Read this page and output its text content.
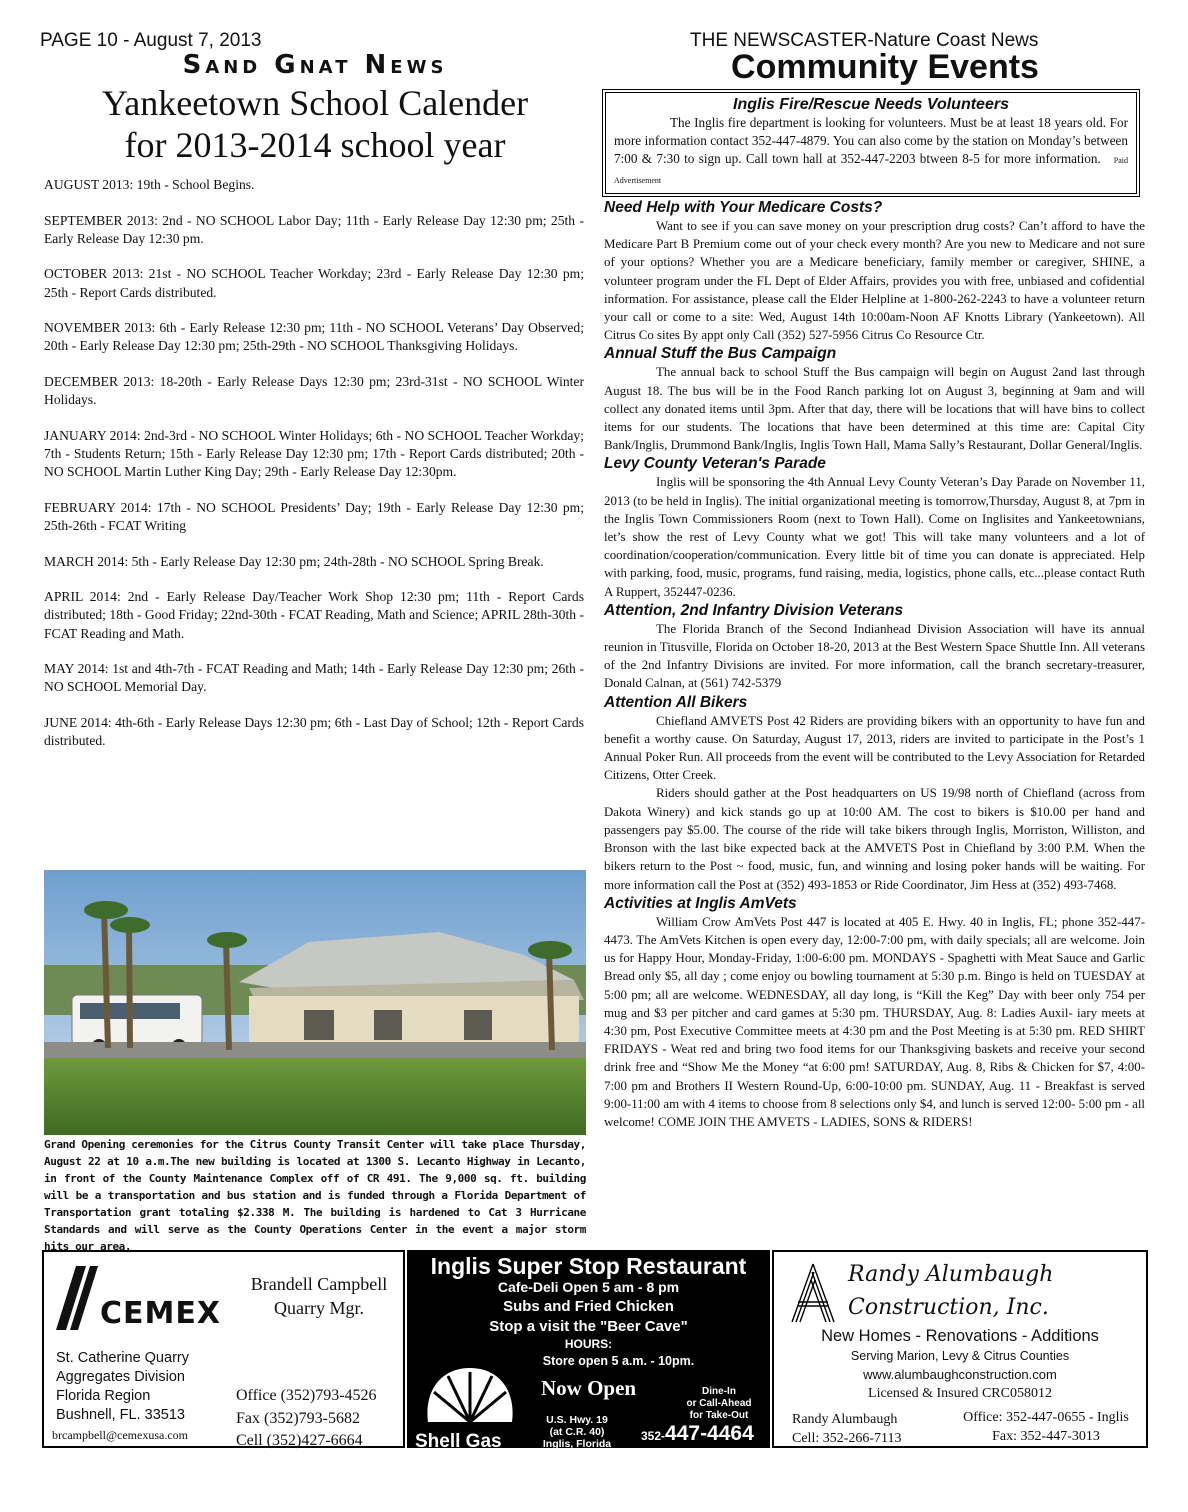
PAGE 10 - August 7, 2013	THE NEWSCASTER-Nature Coast News
Sand Gnat News	Community Events
Yankeetown School Calender
for 2013-2014 school year

AUGUST 2013: 19th - School Begins.

SEPTEMBER 2013: 2nd - NO SCHOOL Labor Day; 11th - Early Release Day 12:30 pm; 25th - Early Release Day 12:30 pm.

OCTOBER 2013: 21st - NO SCHOOL Teacher Workday; 23rd - Early Release Day 12:30 pm; 25th - Report Cards distributed.

NOVEMBER 2013: 6th - Early Release 12:30 pm; 11th - NO SCHOOL Veterans’ Day Observed; 20th - Early Release Day 12:30 pm; 25th-29th - NO SCHOOL Thanksgiving Holidays.

DECEMBER 2013: 18-20th - Early Release Days 12:30 pm; 23rd-31st - NO SCHOOL Winter Holidays.

JANUARY 2014: 2nd-3rd - NO SCHOOL Winter Holidays; 6th - NO SCHOOL Teacher Workday; 7th - Students Return; 15th - Early Release Day 12:30 pm; 17th - Report Cards distributed; 20th - NO SCHOOL Martin Luther King Day; 29th - Early Release Day 12:30pm.

FEBRUARY 2014: 17th - NO SCHOOL Presidents’ Day; 19th - Early Release Day 12:30 pm; 25th-26th - FCAT Writing

MARCH 2014: 5th - Early Release Day 12:30 pm; 24th-28th - NO SCHOOL Spring Break.

APRIL 2014: 2nd - Early Release Day/Teacher Work Shop 12:30 pm; 11th - Report Cards distributed; 18th - Good Friday; 22nd-30th - FCAT Reading, Math and Science; APRIL 28th-30th - FCAT Reading and Math.

MAY 2014: 1st and 4th-7th - FCAT Reading and Math; 14th - Early Release Day 12:30 pm; 26th - NO SCHOOL Memorial Day.

JUNE 2014: 4th-6th - Early Release Days 12:30 pm; 6th - Last Day of School; 12th - Report Cards distributed.

Grand Opening ceremonies for the Citrus County Transit Center will take place Thursday, August 22 at 10 a.m.The new building is located at 1300 S. Lecanto Highway in Lecanto, in front of the County Maintenance Complex off of CR 491. The 9,000 sq. ft. building will be a transportation and bus station and is funded through a Florida Department of Transportation grant totaling $2.338 M. The building is hardened to Cat 3 Hurricane Standards and will serve as the County Operations Center in the event a major storm hits our area.
Inglis Fire/Rescue Needs Volunteers

The Inglis fire department is looking for volunteers. Must be at least 18 years old. For more information contact 352-447-4879. You can also come by the station on Monday’s between 7:00 & 7:30 to sign up. Call town hall at 352-447-2203 btween 8-5 for more information. Paid Advertisement

Need Help with Your Medicare Costs?

Want to see if you can save money on your prescription drug costs? Can’t afford to have the Medicare Part B Premium come out of your check every month? Are you new to Medicare and not sure of your options? Whether you are a Medicare beneficiary, family member or caregiver, SHINE, a volunteer program under the FL Dept of Elder Affairs, provides you with free, unbiased and cofidential information. For assistance, please call the Elder Helpline at 1-800-262-2243 to have a volunteer return your call or come to a site: Wed, August 14th 10:00am-Noon AF Knotts Library (Yankeetown). All Citrus Co sites By appt only Call (352) 527-5956 Citrus Co Resource Ctr.

Annual Stuff the Bus Campaign

The annual back to school Stuff the Bus campaign will begin on August 2and last through August 18. The bus will be in the Food Ranch parking lot on August 3, beginning at 9am and will collect any donated items until 3pm. After that day, there will be locations that will have bins to collect items for our students. The locations that have been determined at this time are: Capital City Bank/Inglis, Drummond Bank/Inglis, Inglis Town Hall, Mama Sally’s Restaurant, Dollar General/Inglis.

Levy County Veteran's Parade

Inglis will be sponsoring the 4th Annual Levy County Veteran’s Day Parade on November 11, 2013 (to be held in Inglis). The initial organizational meeting is tomorrow,Thursday, August 8, at 7pm in the Inglis Town Commissioners Room (next to Town Hall). Come on Inglisites and Yankeetownians, let’s show the rest of Levy County what we got! This will take many volunteers and a lot of coordination/cooperation/communication. Every little bit of time you can donate is appreciated. Help with parking, food, music, programs, fund raising, media, logistics, phone calls, etc...please contact Ruth A Ruppert, 352447-0236.

Attention, 2nd Infantry Division Veterans

The Florida Branch of the Second Indianhead Division Association will have its annual reunion in Titusville, Florida on October 18-20, 2013 at the Best Western Space Shuttle Inn. All veterans of the 2nd Infantry Divisions are invited. For more information, call the branch secretary-treasurer, Donald Calnan, at (561) 742-5379

Attention All Bikers

Chiefland AMVETS Post 42 Riders are providing bikers with an opportunity to have fun and benefit a worthy cause. On Saturday, August 17, 2013, riders are invited to participate in the Post’s 1 Annual Poker Run. All proceeds from the event will be contributed to the Levy Association for Retarded Citizens, Otter Creek.

Riders should gather at the Post headquarters on US 19/98 north of Chiefland (across from Dakota Winery) and kick stands go up at 10:00 AM. The cost to bikers is $10.00 per hand and passengers pay $5.00. The course of the ride will take bikers through Inglis, Morriston, Williston, and Bronson with the last bike expected back at the AMVETS Post in Chiefland by 3:00 P.M. When the bikers return to the Post ~ food, music, fun, and winning and losing poker hands will be waiting. For more information call the Post at (352) 493-1853 or Ride Coordinator, Jim Hess at (352) 493-7468.

Activities at Inglis AmVets

William Crow AmVets Post 447 is located at 405 E. Hwy. 40 in Inglis, FL; phone 352-447-4473. The AmVets Kitchen is open every day, 12:00-7:00 pm, with daily specials; all are welcome. Join us for Happy Hour, Monday-Friday, 1:00-6:00 pm. MONDAYS - Spaghetti with Meat Sauce and Garlic Bread only $5, all day ; come enjoy ou bowling tournament at 5:30 p.m. Bingo is held on TUESDAY at 5:00 pm; all are welcome. WEDNESDAY, all day long, is “Kill the Keg” Day with beer only 754 per mug and $3 per pitcher and card games at 5:30 pm. THURSDAY, Aug. 8: Ladies Auxil- iary meets at 4:30 pm, Post Executive Committee meets at 4:30 pm and the Post Meeting is at 5:30 pm. RED SHIRT FRIDAYS - Weat red and bring two food items for our Thanksgiving baskets and receive your second drink free and “Show Me the Money “at 6:00 pm! SATURDAY, Aug. 8, Ribs & Chicken for $7, 4:00-7:00 pm and Brothers II Western Round-Up, 6:00-10:00 pm. SUNDAY, Aug. 11 - Breakfast is served 9:00-11:00 am with 4 items to choose from 8 selections only $4, and lunch is served 12:00- 5:00 pm - all welcome! COME JOIN THE AMVETS - LADIES, SONS & RIDERS!

CEMEX
Brandell Campbell
Quarry Mgr.
St. Catherine Quarry
Aggregates Division
Florida Region
Bushnell, FL. 33513
brcampbell@cemexusa.com
Office (352)793-4526
Fax (352)793-5682
Cell (352)427-6664
Inglis Super Stop Restaurant
Cafe-Deli Open 5 am - 8 pm
Subs and Fried Chicken
Stop a visit the "Beer Cave"
HOURS:
Store open 5 a.m. - 10pm.
Shell Gas
Now Open
U.S. Hwy. 19
(at C.R. 40)
Inglis, Florida
Dine-In
or Call-Ahead
for Take-Out
352-447-4464
Randy Alumbaugh
Construction, Inc.
New Homes - Renovations - Additions
Serving Marion, Levy & Citrus Counties
www.alumbaughconstruction.com
Licensed & Insured CRC058012
Randy Alumbaugh
Cell: 352-266-7113
Office: 352-447-0655 - Inglis
Fax: 352-447-3013
